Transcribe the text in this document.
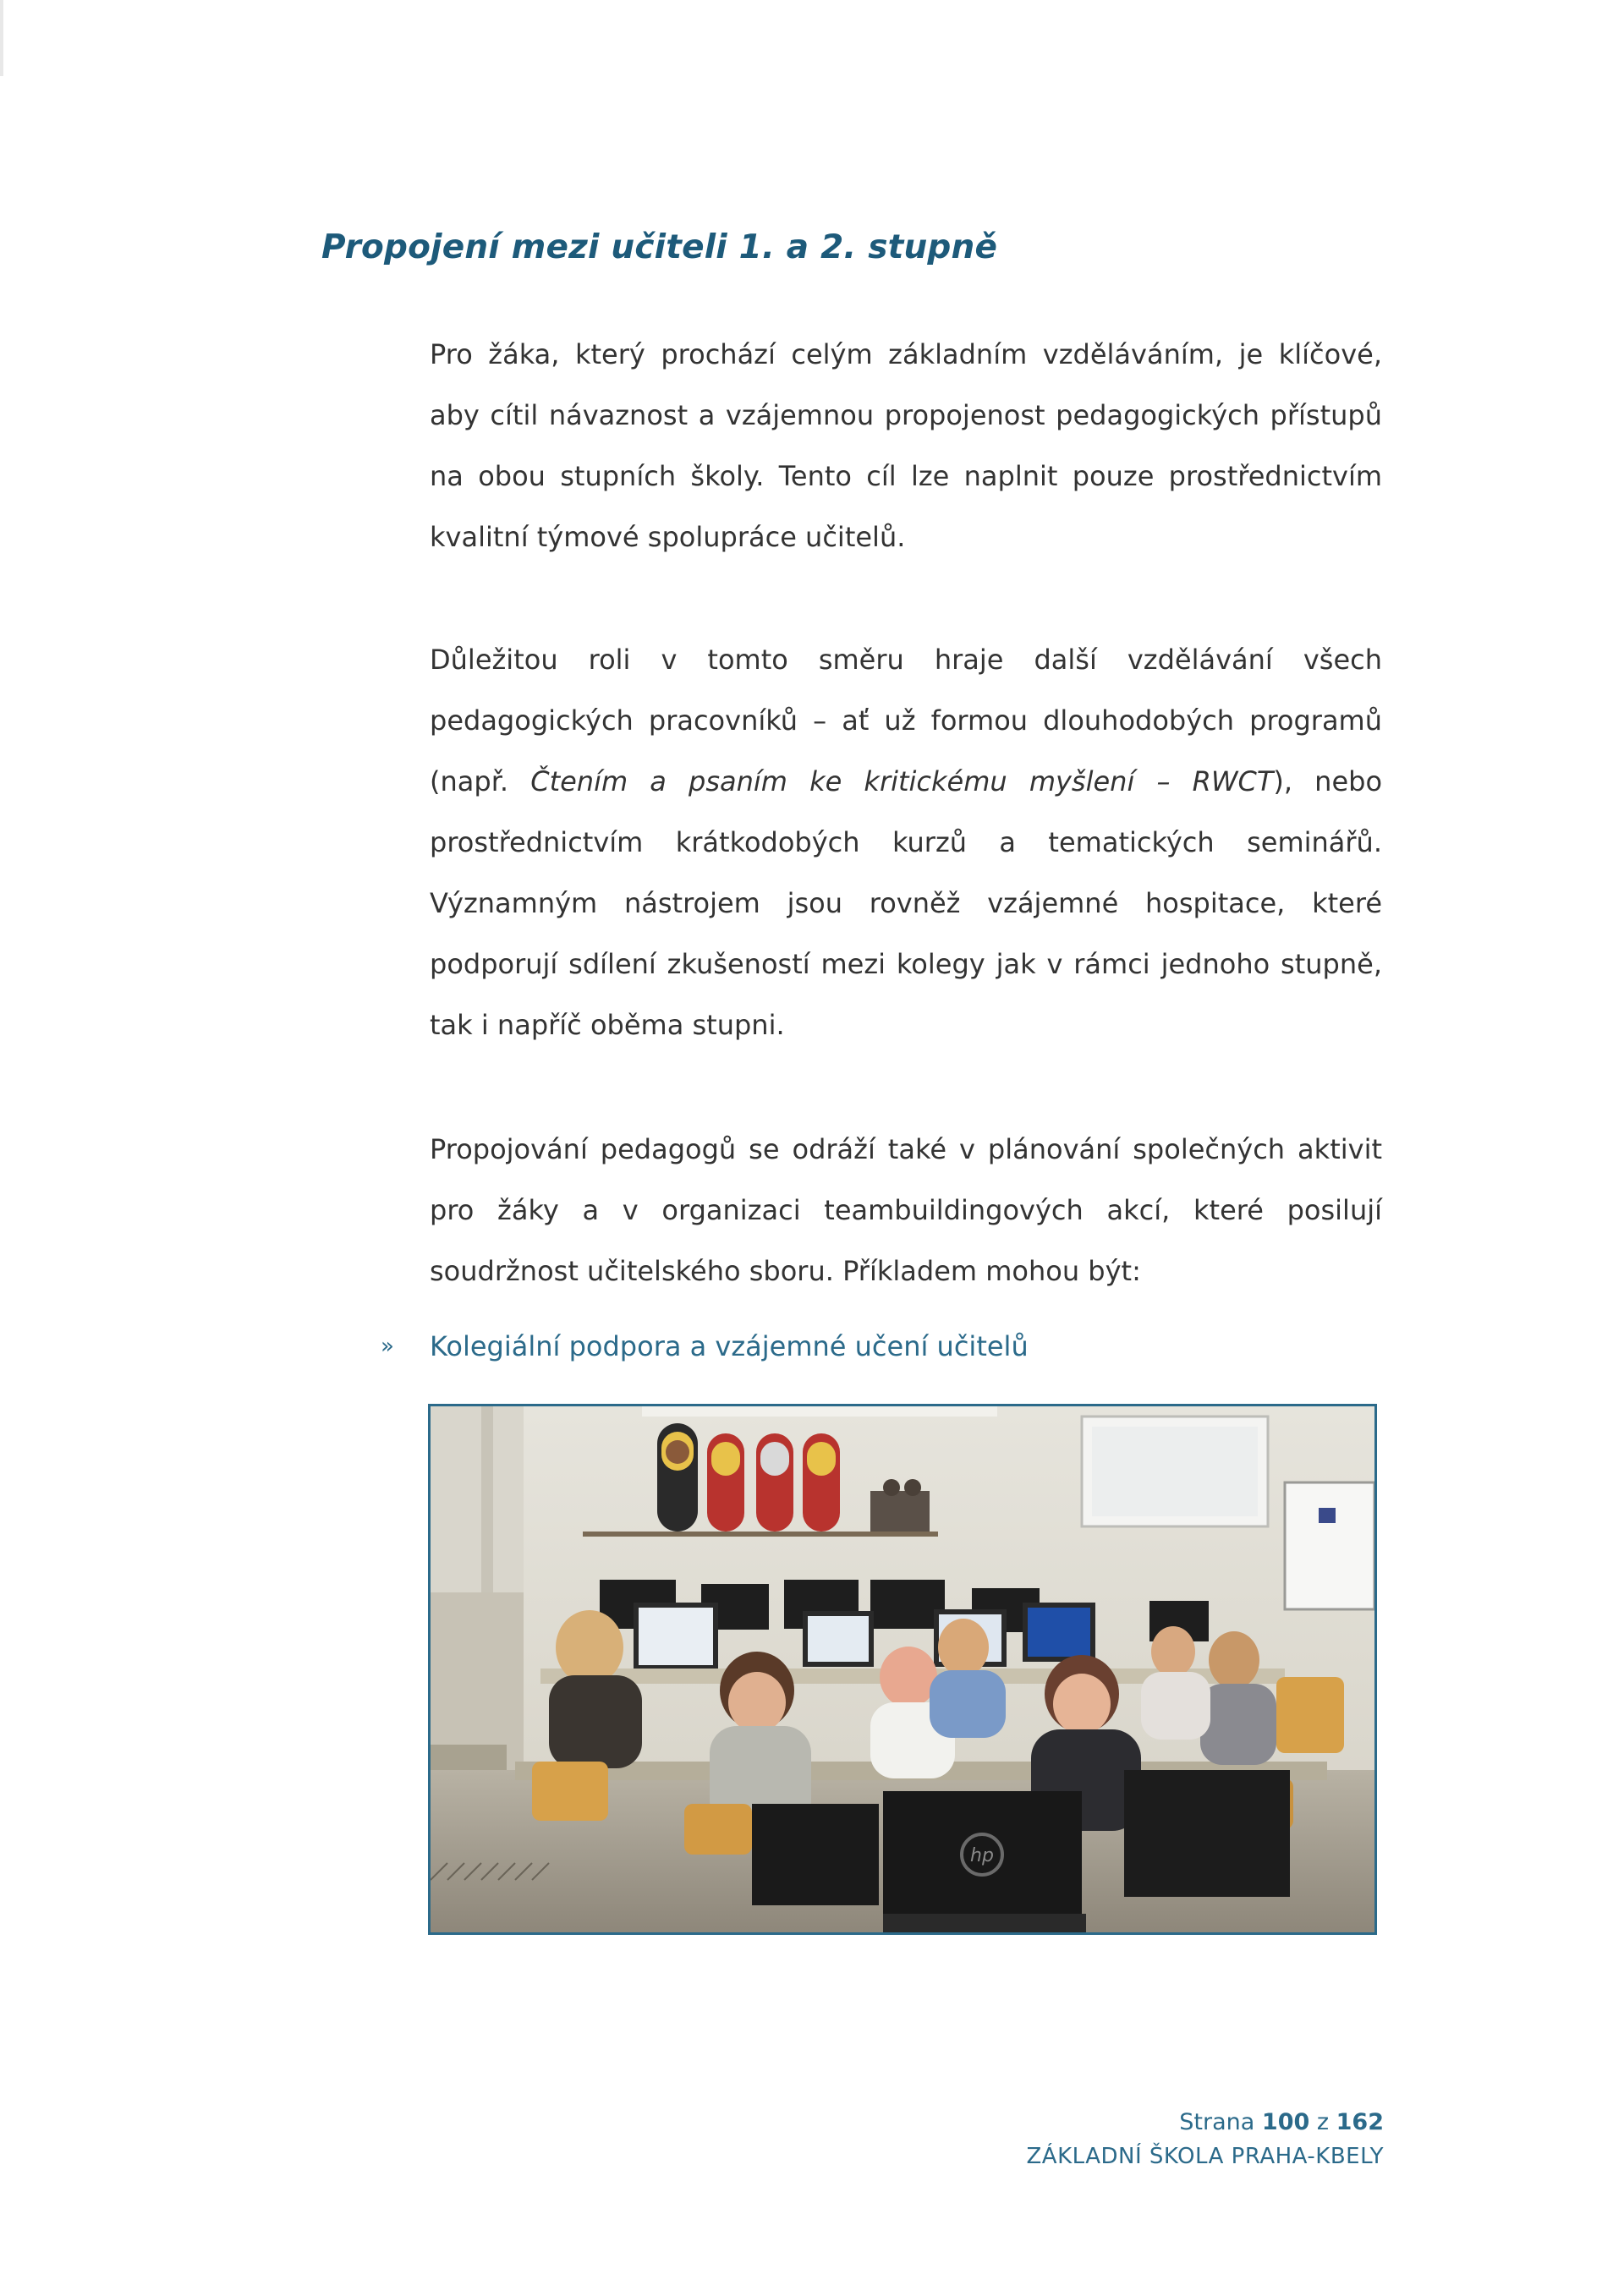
Propojení mezi učiteli 1. a 2. stupně

Pro žáka, který prochází celým základním vzděláváním, je klíčové, aby cítil návaznost a vzájemnou propojenost pedagogických přístupů na obou stupních školy. Tento cíl lze naplnit pouze prostřednictvím kvalitní týmové spolupráce učitelů.

Důležitou roli v tomto směru hraje další vzdělávání všech pedagogických pracovníků – ať už formou dlouhodobých programů (např. Čtením a psaním ke kritickému myšlení – RWCT), nebo prostřednictvím krátkodobých kurzů a tematických seminářů. Významným nástrojem jsou rovněž vzájemné hospitace, které podporují sdílení zkušeností mezi kolegy jak v rámci jednoho stupně, tak i napříč oběma stupni.

Propojování pedagogů se odráží také v plánování společných aktivit pro žáky a v organizaci teambuildingových akcí, které posilují soudržnost učitelského sboru. Příkladem mohou být:

»	Kolegiální podpora a vzájemné učení učitelů
hp
Strana 100 z 162
ZÁKLADNÍ ŠKOLA PRAHA-KBELY
